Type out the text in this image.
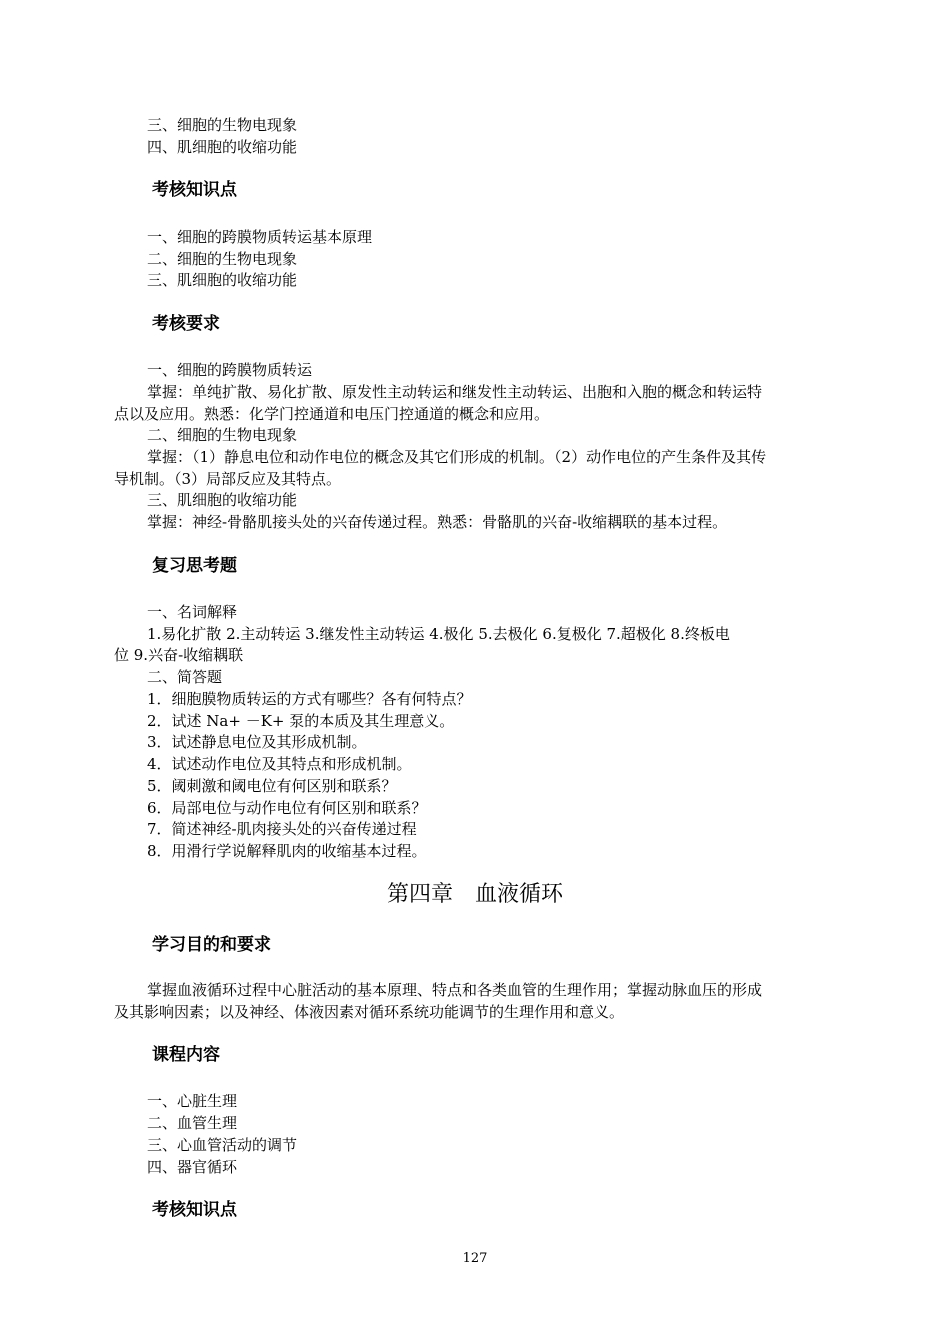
三、细胞的生物电现象
四、肌细胞的收缩功能
考核知识点
一、细胞的跨膜物质转运基本原理
二、细胞的生物电现象
三、肌细胞的收缩功能
考核要求
一、细胞的跨膜物质转运
掌握：单纯扩散、易化扩散、原发性主动转运和继发性主动转运、出胞和入胞的概念和转运特
点以及应用。熟悉：化学门控通道和电压门控通道的概念和应用。
二、细胞的生物电现象
掌握：（1）静息电位和动作电位的概念及其它们形成的机制。（2）动作电位的产生条件及其传
导机制。（3）局部反应及其特点。
三、肌细胞的收缩功能
掌握：神经-骨骼肌接头处的兴奋传递过程。熟悉：骨骼肌的兴奋-收缩耦联的基本过程。
复习思考题
一、名词解释
1.易化扩散 2.主动转运 3.继发性主动转运 4.极化 5.去极化 6.复极化 7.超极化 8.终板电
位 9.兴奋-收缩耦联
二、简答题
1．细胞膜物质转运的方式有哪些？各有何特点？
2．试述 Na+ －K+ 泵的本质及其生理意义。
3．试述静息电位及其形成机制。
4．试述动作电位及其特点和形成机制。
5．阈刺激和阈电位有何区别和联系？
6．局部电位与动作电位有何区别和联系？
7．简述神经-肌肉接头处的兴奋传递过程
8．用滑行学说解释肌肉的收缩基本过程。
第四章 血液循环
学习目的和要求
掌握血液循环过程中心脏活动的基本原理、特点和各类血管的生理作用；掌握动脉血压的形成
及其影响因素；以及神经、体液因素对循环系统功能调节的生理作用和意义。
课程内容
一、心脏生理
二、血管生理
三、心血管活动的调节
四、器官循环
考核知识点
127
